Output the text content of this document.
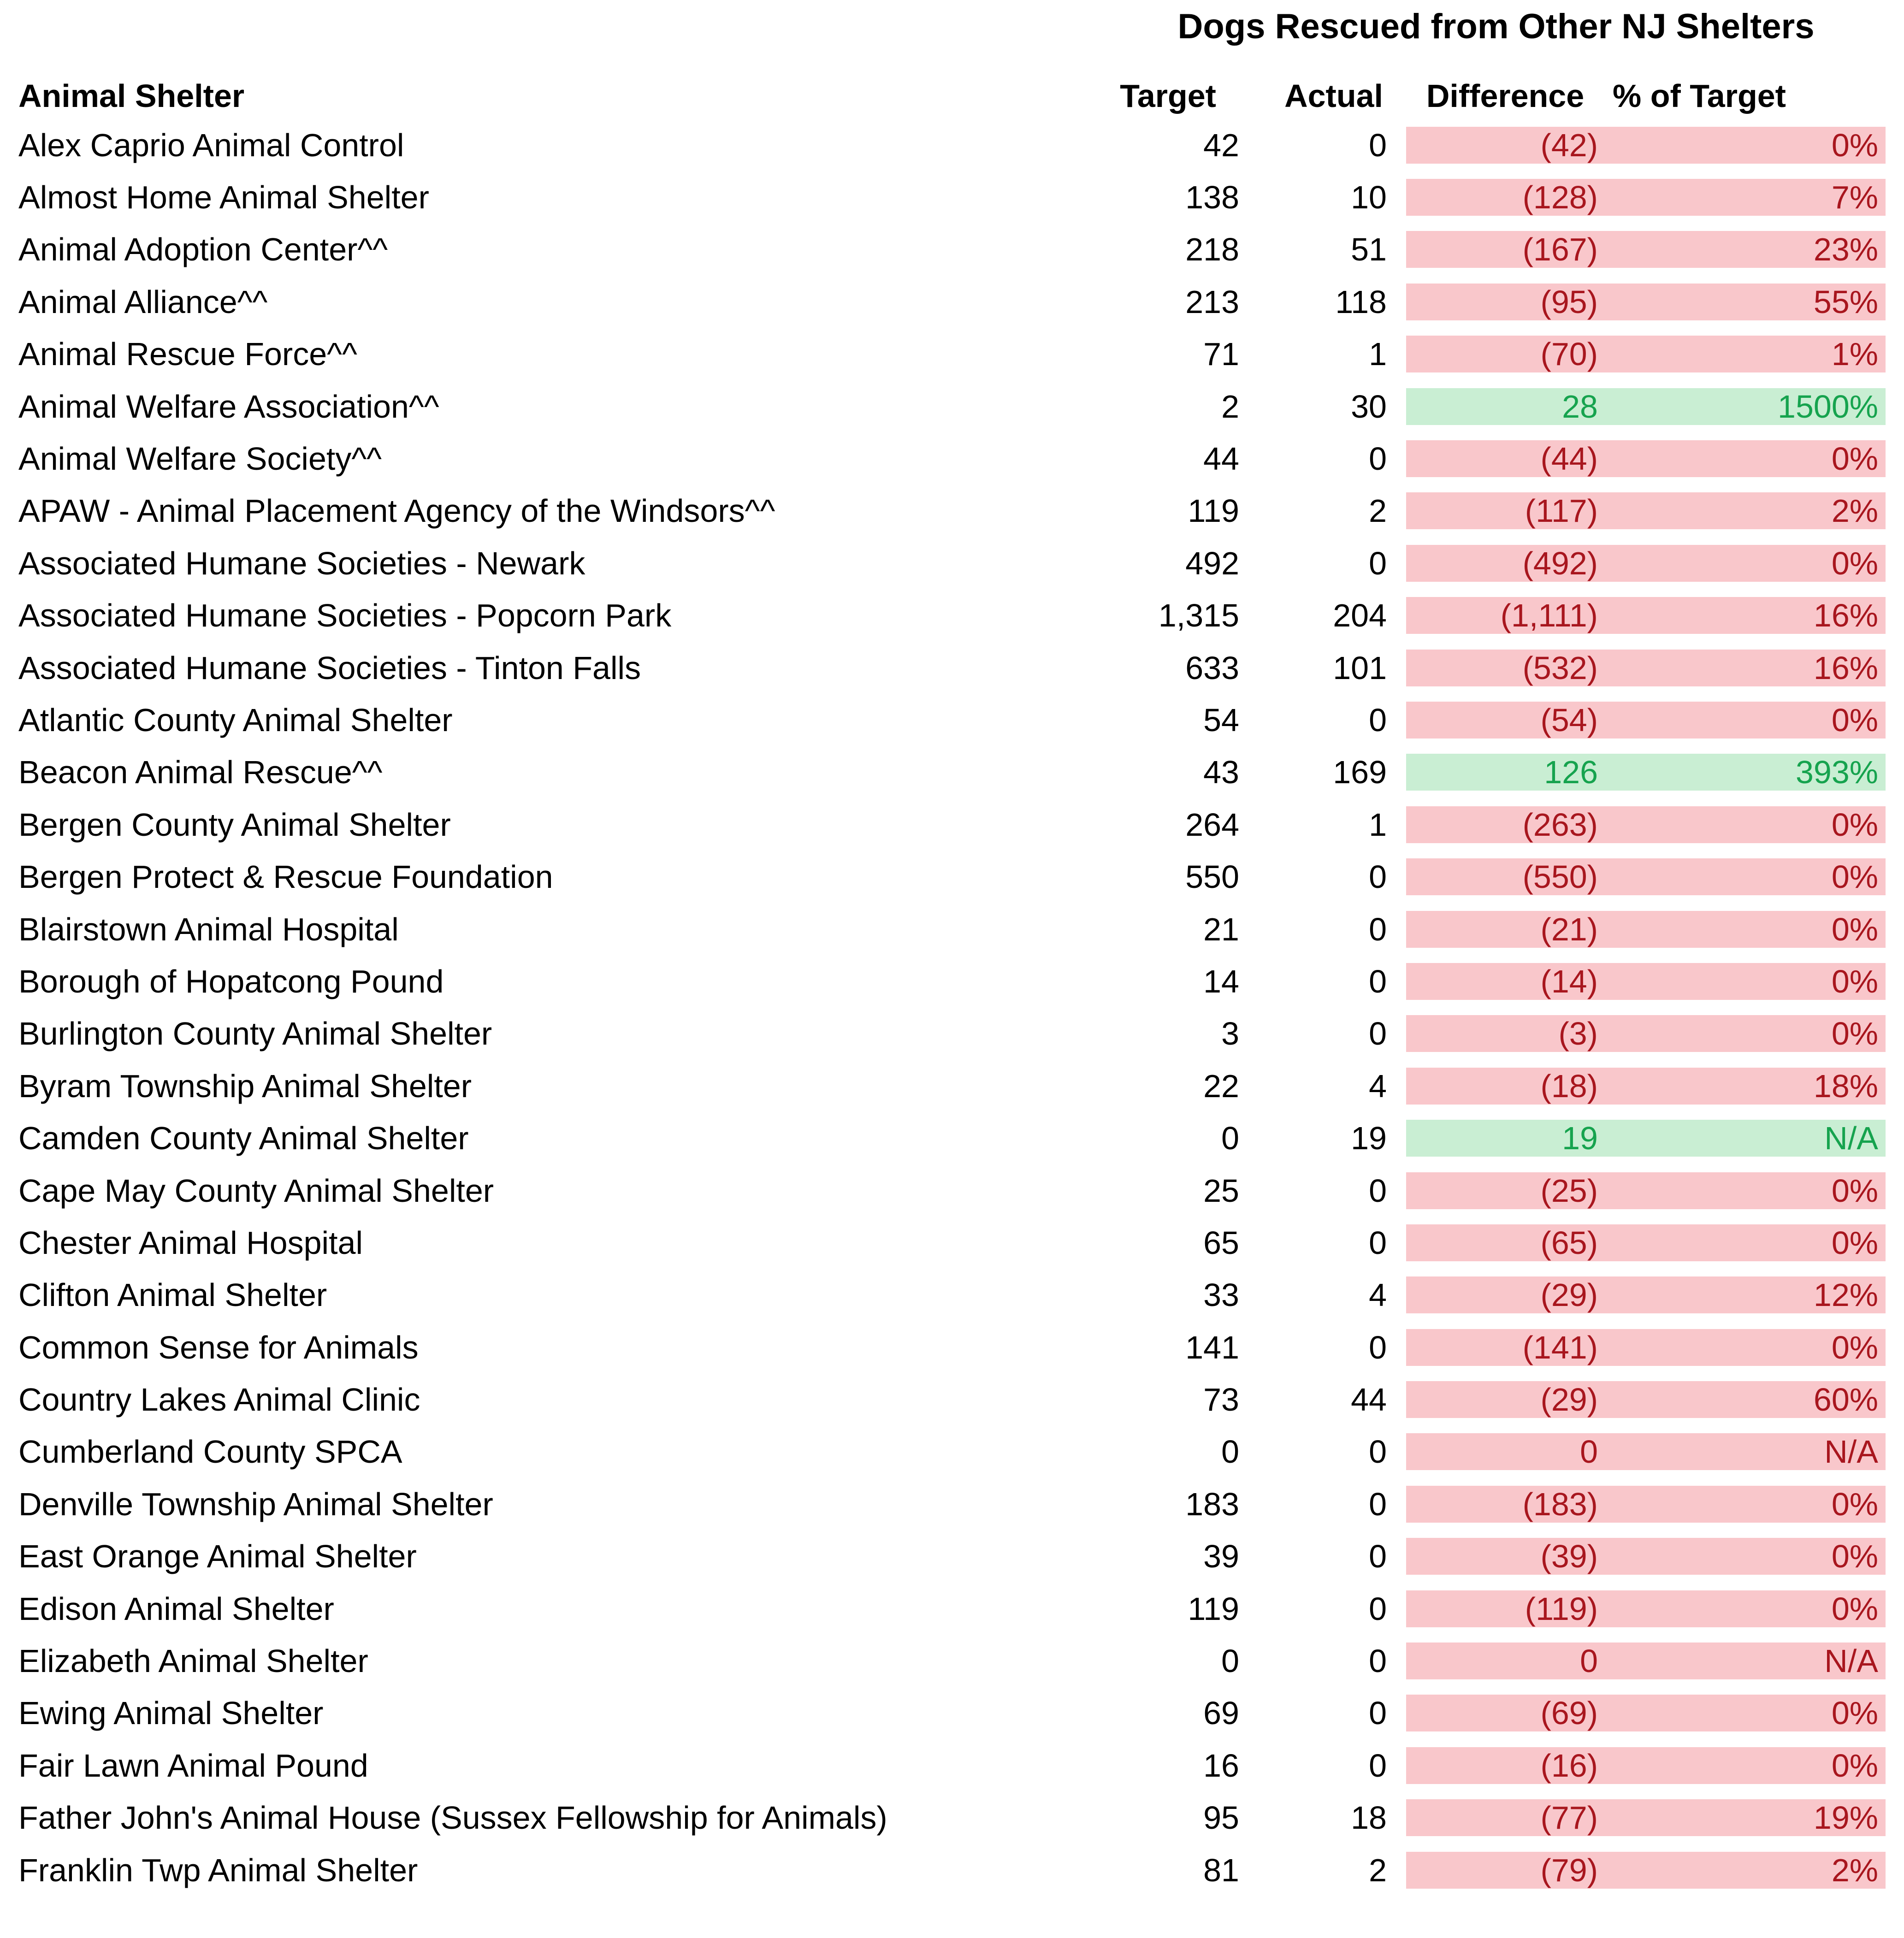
Dogs Rescued from Other NJ Shelters
Animal Shelter	Target	Actual	Difference % of Target
Alex Caprio Animal Control	42	0	(42)	0%
Almost Home Animal Shelter	138	10	(128)	7%
Animal Adoption Center^^	218	51	(167)	23%
Animal Alliance^^	213	118	(95)	55%
Animal Rescue Force^^	71	1	(70)	1%
Animal Welfare Association^^	2	30	28	1500%
Animal Welfare Society^^	44	0	(44)	0%
APAW - Animal Placement Agency of the Windsors^^	119	2	(117)	2%
Associated Humane Societies - Newark	492	0	(492)	0%
Associated Humane Societies - Popcorn Park	1,315	204	(1,111)	16%
Associated Humane Societies - Tinton Falls	633	101	(532)	16%
Atlantic County Animal Shelter	54	0	(54)	0%
Beacon Animal Rescue^^	43	169	126	393%
Bergen County Animal Shelter	264	1	(263)	0%
Bergen Protect & Rescue Foundation	550	0	(550)	0%
Blairstown Animal Hospital	21	0	(21)	0%
Borough of Hopatcong Pound	14	0	(14)	0%
Burlington County Animal Shelter	3	0	(3)	0%
Byram Township Animal Shelter	22	4	(18)	18%
Camden County Animal Shelter	0	19	19	N/A
Cape May County Animal Shelter	25	0	(25)	0%
Chester Animal Hospital	65	0	(65)	0%
Clifton Animal Shelter	33	4	(29)	12%
Common Sense for Animals	141	0	(141)	0%
Country Lakes Animal Clinic	73	44	(29)	60%
Cumberland County SPCA	0	0	0	N/A
Denville Township Animal Shelter	183	0	(183)	0%
East Orange Animal Shelter	39	0	(39)	0%
Edison Animal Shelter	119	0	(119)	0%
Elizabeth Animal Shelter	0	0	0	N/A
Ewing Animal Shelter	69	0	(69)	0%
Fair Lawn Animal Pound	16	0	(16)	0%
Father John's Animal House (Sussex Fellowship for Animals)	95	18	(77)	19%
Franklin Twp Animal Shelter	81	2	(79)	2%
